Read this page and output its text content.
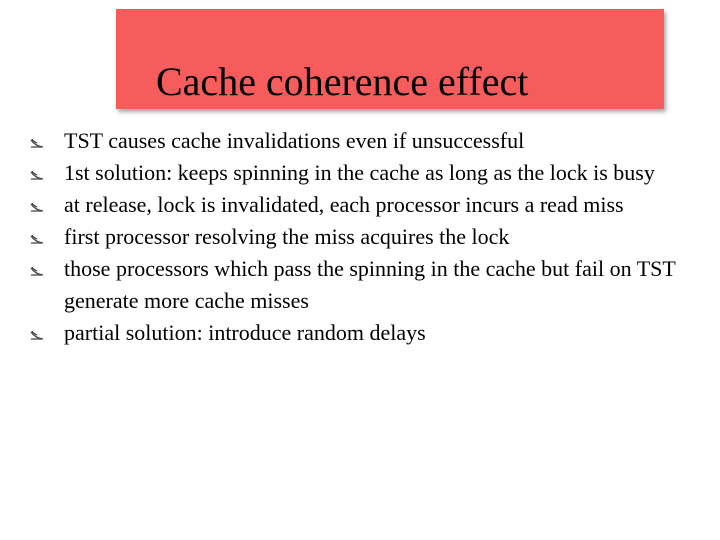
Cache coherence effect
TST causes cache invalidations even if unsuccessful
1st solution: keeps spinning in the cache as long as the lock is busy
at release, lock is invalidated, each processor incurs a read miss
first processor resolving the miss acquires the lock
those processors which pass the spinning in the cache but fail on TST generate more cache misses
partial solution: introduce random delays
